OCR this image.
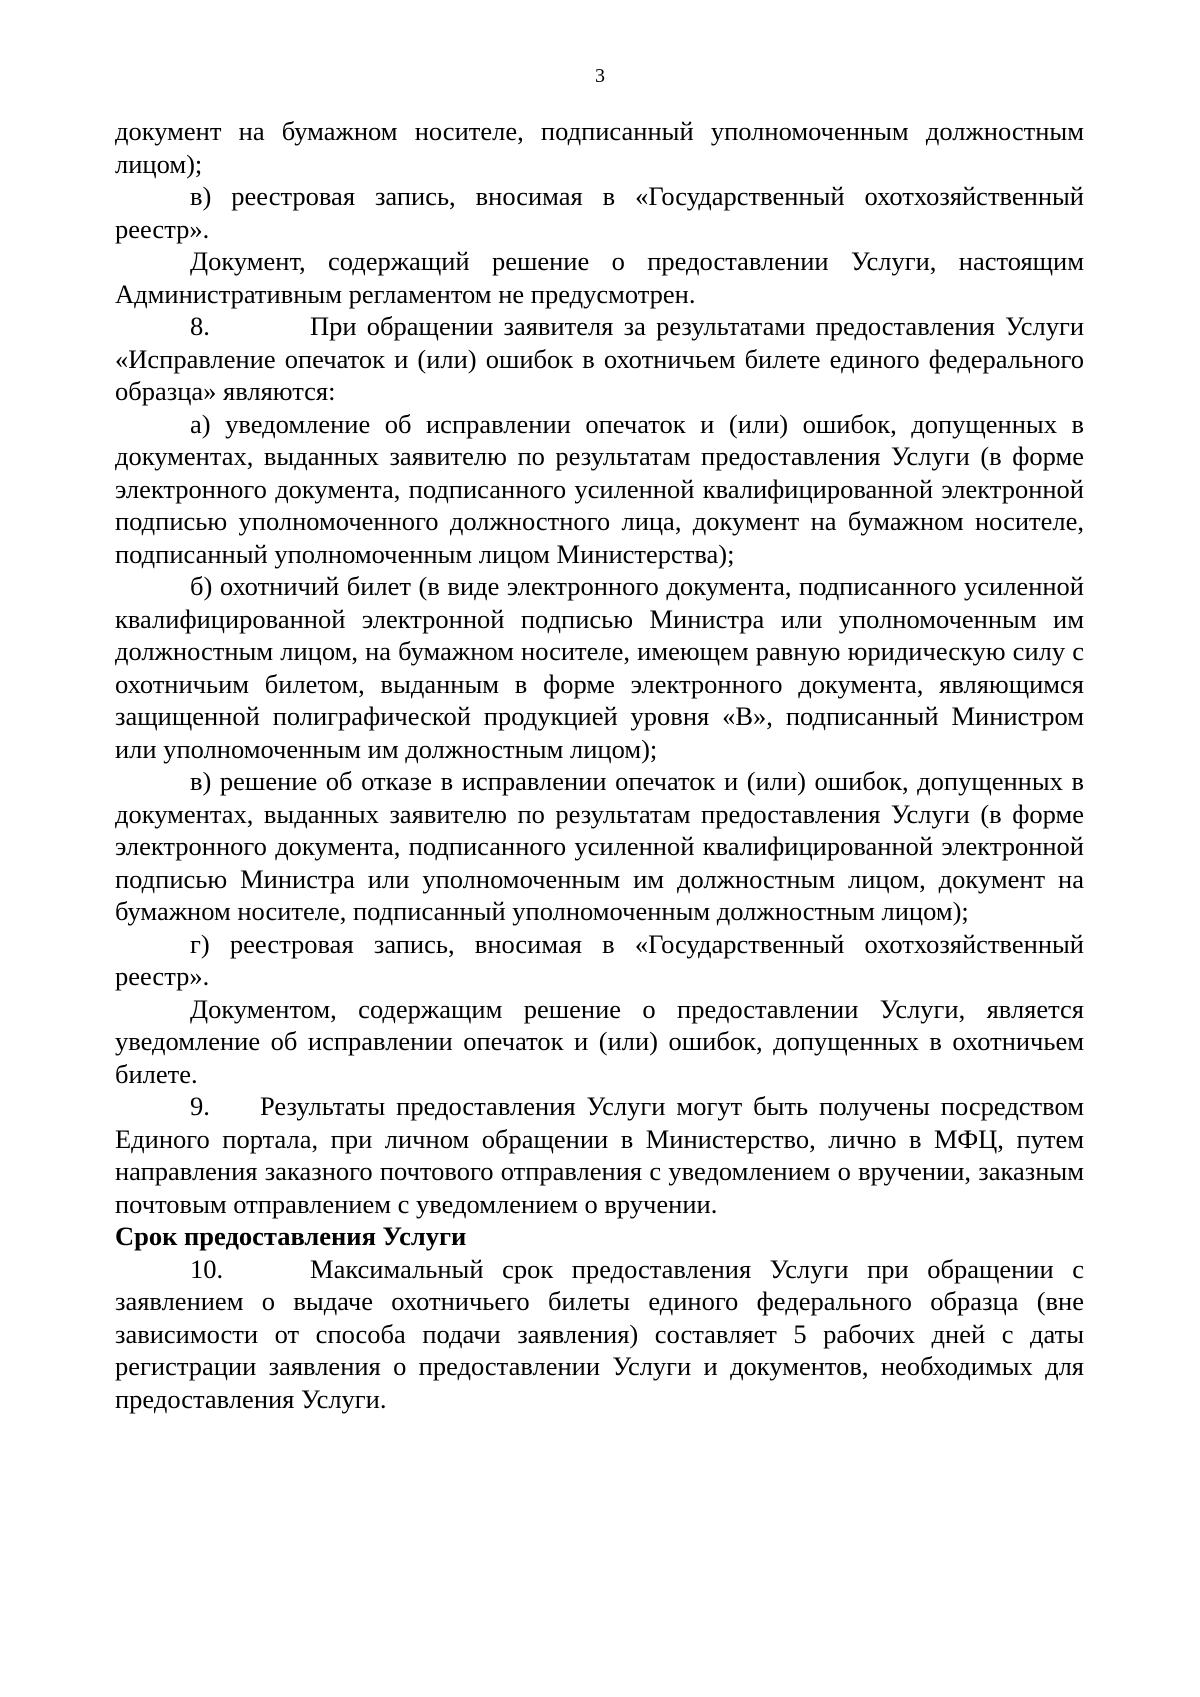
3

документ на бумажном носителе, подписанный уполномоченным должностным лицом);

в) реестровая запись, вносимая в «Государственный охотхозяйственный реестр».

Документ, содержащий решение о предоставлении Услуги, настоящим Административным регламентом не предусмотрен.

8.	При обращении заявителя за результатами предоставления Услуги «Исправление опечаток и (или) ошибок в охотничьем билете единого федерального образца» являются:

а) уведомление об исправлении опечаток и (или) ошибок, допущенных в документах, выданных заявителю по результатам предоставления Услуги (в форме электронного документа, подписанного усиленной квалифицированной электронной подписью уполномоченного должностного лица, документ на бумажном носителе, подписанный уполномоченным лицом Министерства);

б) охотничий билет (в виде электронного документа, подписанного усиленной квалифицированной электронной подписью Министра или уполномоченным им должностным лицом, на бумажном носителе, имеющем равную юридическую силу с охотничьим билетом, выданным в форме электронного документа, являющимся защищенной полиграфической продукцией уровня «В», подписанный Министром или уполномоченным им должностным лицом);

в) решение об отказе в исправлении опечаток и (или) ошибок, допущенных в документах, выданных заявителю по результатам предоставления Услуги (в форме электронного документа, подписанного усиленной квалифицированной электронной подписью Министра или уполномоченным им должностным лицом, документ на бумажном носителе, подписанный уполномоченным должностным лицом);

г) реестровая запись, вносимая в «Государственный охотхозяйственный реестр».

Документом, содержащим решение о предоставлении Услуги, является уведомление об исправлении опечаток и (или) ошибок, допущенных в охотничьем билете.

9. Результаты предоставления Услуги могут быть получены посредством Единого портала, при личном обращении в Министерство, лично в МФЦ, путем направления заказного почтового отправления с уведомлением о вручении, заказным почтовым отправлением с уведомлением о вручении.

Срок предоставления Услуги

10.	Максимальный срок предоставления Услуги при обращении с заявлением о выдаче охотничьего билеты единого федерального образца (вне зависимости от способа подачи заявления) составляет 5 рабочих дней с даты регистрации заявления о предоставлении Услуги и документов, необходимых для предоставления Услуги.
